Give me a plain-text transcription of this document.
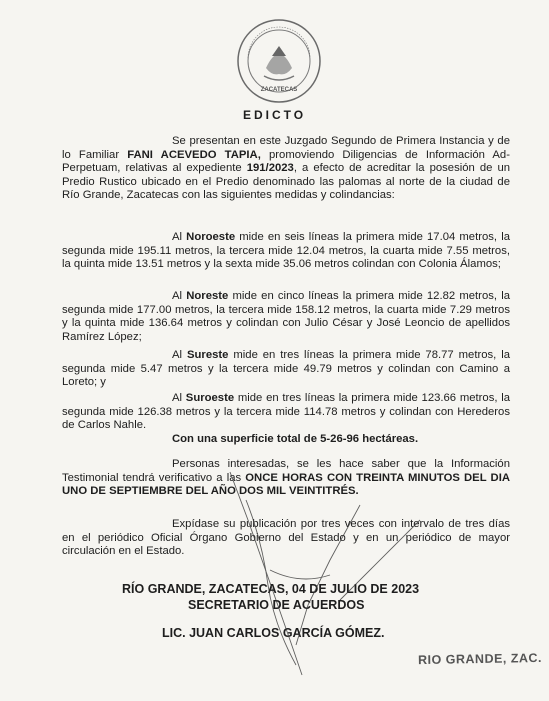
ZACATECAS
EDICTO
Se presentan en este Juzgado Segundo de Primera Instancia y de lo Familiar FANI ACEVEDO TAPIA, promoviendo Diligencias de Información Ad-Perpetuam, relativas al expediente 191/2023, a efecto de acreditar la posesión de un Predio Rustico ubicado en el Predio denominado las palomas al norte de la ciudad de Río Grande, Zacatecas con las siguientes medidas y colindancias:
Al Noroeste mide en seis líneas la primera mide 17.04 metros, la segunda mide 195.11 metros, la tercera mide 12.04 metros, la cuarta mide 7.55 metros, la quinta mide 13.51 metros y la sexta mide 35.06 metros colindan con Colonia Álamos;
Al Noreste mide en cinco líneas la primera mide 12.82 metros, la segunda mide 177.00 metros, la tercera mide 158.12 metros, la cuarta mide 7.29 metros y la quinta mide 136.64 metros y colindan con Julio César y José Leoncio de apellidos Ramírez López;
Al Sureste mide en tres líneas la primera mide 78.77 metros, la segunda mide 5.47 metros y la tercera mide 49.79 metros y colindan con Camino a Loreto; y
Al Suroeste mide en tres líneas la primera mide 123.66 metros, la segunda mide 126.38 metros y la tercera mide 114.78 metros y colindan con Herederos de Carlos Nahle.
Con una superficie total de 5-26-96 hectáreas.
Personas interesadas, se les hace saber que la Información Testimonial tendrá verificativo a las ONCE HORAS CON TREINTA MINUTOS DEL DIA UNO DE SEPTIEMBRE DEL AÑO DOS MIL VEINTITRÉS.
Expídase su publicación por tres veces con intervalo de tres días en el periódico Oficial Órgano Gobierno del Estado y en un periódico de mayor circulación en el Estado.
RÍO GRANDE, ZACATECAS, 04 DE JULIO DE 2023
SECRETARIO DE ACUERDOS
LIC. JUAN CARLOS GARCÍA GÓMEZ.
RIO GRANDE, ZAC.
